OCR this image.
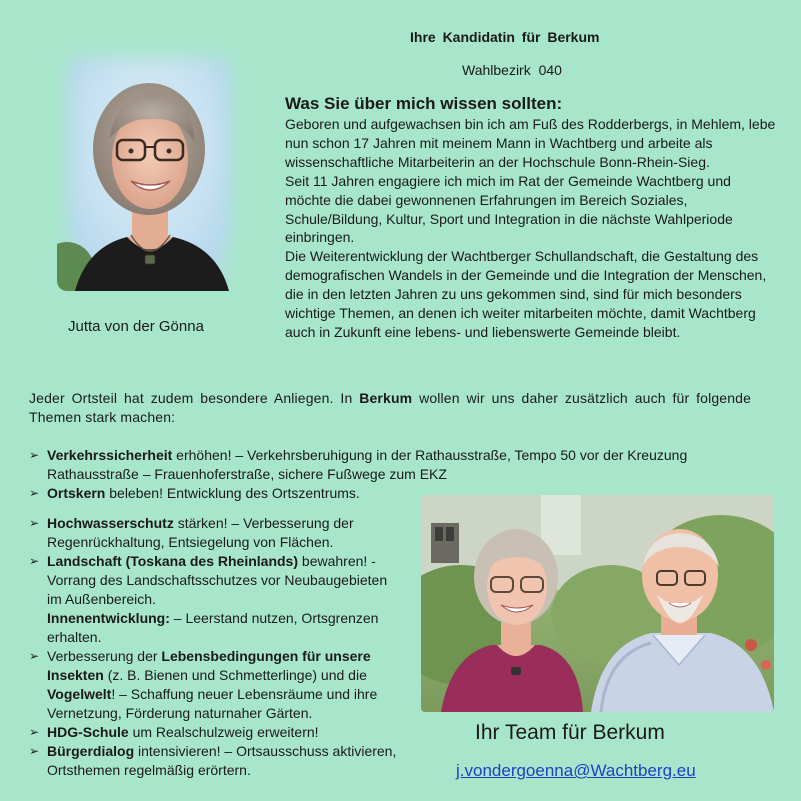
Ihre Kandidatin für Berkum
Wahlbezirk 040
Jutta von der Gönna
Was Sie über mich wissen sollten:

Geboren und aufgewachsen bin ich am Fuß des Rodderbergs, in Mehlem, lebe nun schon 17 Jahren mit meinem Mann in Wachtberg und arbeite als wissenschaftliche Mitarbeiterin an der Hochschule Bonn-Rhein-Sieg.

Seit 11 Jahren engagiere ich mich im Rat der Gemeinde Wachtberg und möchte die dabei gewonnenen Erfahrungen im Bereich Soziales, Schule/Bildung, Kultur, Sport und Integration in die nächste Wahlperiode einbringen.

Die Weiterentwicklung der Wachtberger Schullandschaft, die Gestaltung des demografischen Wandels in der Gemeinde und die Integration der Menschen, die in den letzten Jahren zu uns gekommen sind, sind für mich besonders wichtige Themen, an denen ich weiter mitarbeiten möchte, damit Wachtberg auch in Zukunft eine lebens- und liebenswerte Gemeinde bleibt.

Jeder Ortsteil hat zudem besondere Anliegen. In Berkum wollen wir uns daher zusätzlich auch für folgende Themen stark machen:
➢ Verkehrssicherheit erhöhen! – Verkehrsberuhigung in der Rathausstraße, Tempo 50 vor der Kreuzung Rathausstraße – Frauenhoferstraße, sichere Fußwege zum EKZ
➢ Ortskern beleben! Entwicklung des Ortszentrums.
➢ Hochwasserschutz stärken! – Verbesserung der Regenrückhaltung, Entsiegelung von Flächen.
➢ Landschaft (Toskana des Rheinlands) bewahren! - Vorrang des Landschaftsschutzes vor Neubaugebieten im Außenbereich.
Innenentwicklung: – Leerstand nutzen, Ortsgrenzen erhalten.
➢ Verbesserung der Lebensbedingungen für unsere Insekten (z. B. Bienen und Schmetterlinge) und die Vogelwelt! – Schaffung neuer Lebensräume und ihre Vernetzung, Förderung naturnaher Gärten.
➢ HDG-Schule um Realschulzweig erweitern!
➢ Bürgerdialog intensivieren! – Ortsausschuss aktivieren, Ortsthemen regelmäßig erörtern.
Ihr Team für Berkum
j.vondergoenna@Wachtberg.eu
